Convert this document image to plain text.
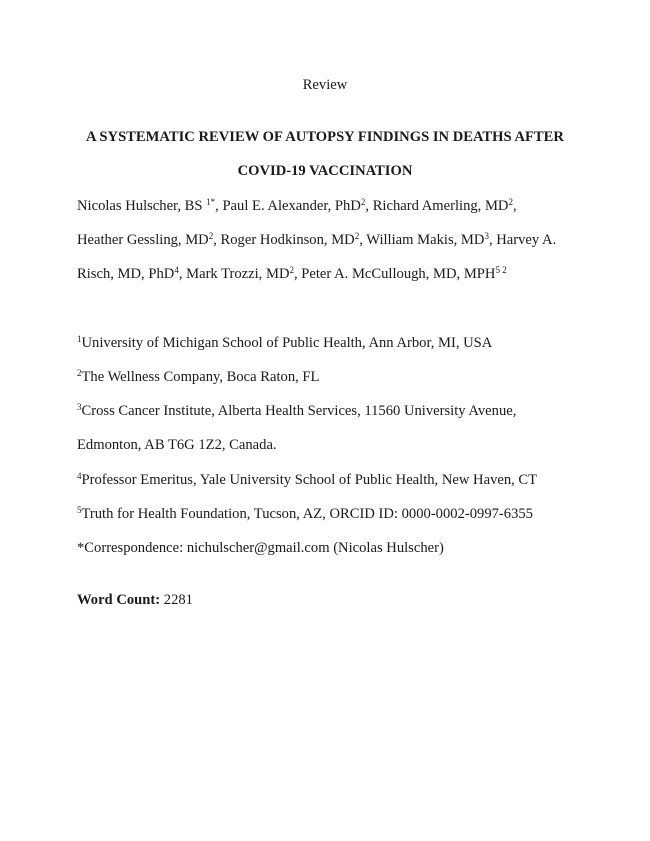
Review
A SYSTEMATIC REVIEW OF AUTOPSY FINDINGS IN DEATHS AFTER
COVID-19 VACCINATION
Nicolas Hulscher, BS $^{1*}$, Paul E. Alexander, PhD$^2$, Richard Amerling, $MD^2$,
Heather Gessling, $MD^2$, Roger Hodkinson, $MD^2$, William Makis, $MD^3$, Harvey A.
Risch, MD, PhD$^4$, Mark Trozzi, $MD^2$, Peter A. McCullough, MD, $MPH^{5 2}$
$^1$University of Michigan School of Public Health, Ann Arbor, MI, USA
$^2$The Wellness Company, Boca Raton, FL
$^3$Cross Cancer Institute, Alberta Health Services, 11560 University Avenue,
Edmonton, AB T6G 1Z2, Canada.
$^4$Professor Emeritus, Yale University School of Public Health, New Haven, CT
$^5$Truth for Health Foundation, Tucson, AZ, ORCID ID: 0000-0002-0997-6355
*Correspondence: nichulscher@gmail.com (Nicolas Hulscher)
Word Count: 2281
